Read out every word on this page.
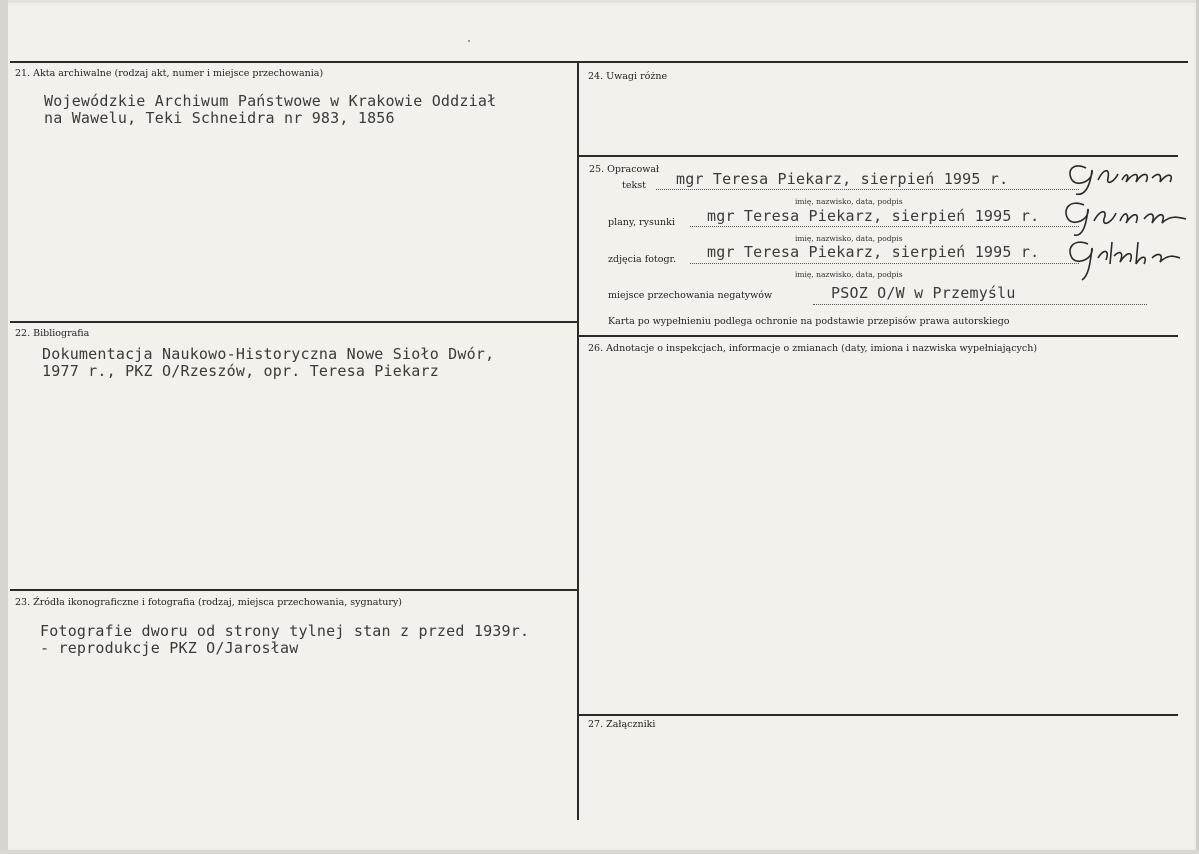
21. Akta archiwalne (rodzaj akt, numer i miejsce przechowania)
Wojewódzkie Archiwum Państwowe w Krakowie Oddział
na Wawelu, Teki Schneidra nr 983, 1856
22. Bibliografia
Dokumentacja Naukowo-Historyczna Nowe Sioło Dwór,
1977 r., PKZ O/Rzeszów, opr. Teresa Piekarz
23. Źródła ikonograficzne i fotografia (rodzaj, miejsca przechowania, sygnatury)
Fotografie dworu od strony tylnej stan z przed 1939r.
- reprodukcje PKZ O/Jarosław
24. Uwagi różne
25. Opracował
tekst mgr Teresa Piekarz, sierpień 1995 r.
imię, nazwisko, data, podpis
plany, rysunki mgr Teresa Piekarz, sierpień 1995 r.
imię, nazwisko, data, podpis
zdjęcia fotogr. mgr Teresa Piekarz, sierpień 1995 r.
imię, nazwisko, data, podpis
miejsce przechowania negatywów	PSOZ O/W w Przemyślu
Karta po wypełnieniu podlega ochronie na podstawie przepisów prawa autorskiego
26. Adnotacje o inspekcjach, informacje o zmianach (daty, imiona i nazwiska wypełniających)
27. Załączniki
